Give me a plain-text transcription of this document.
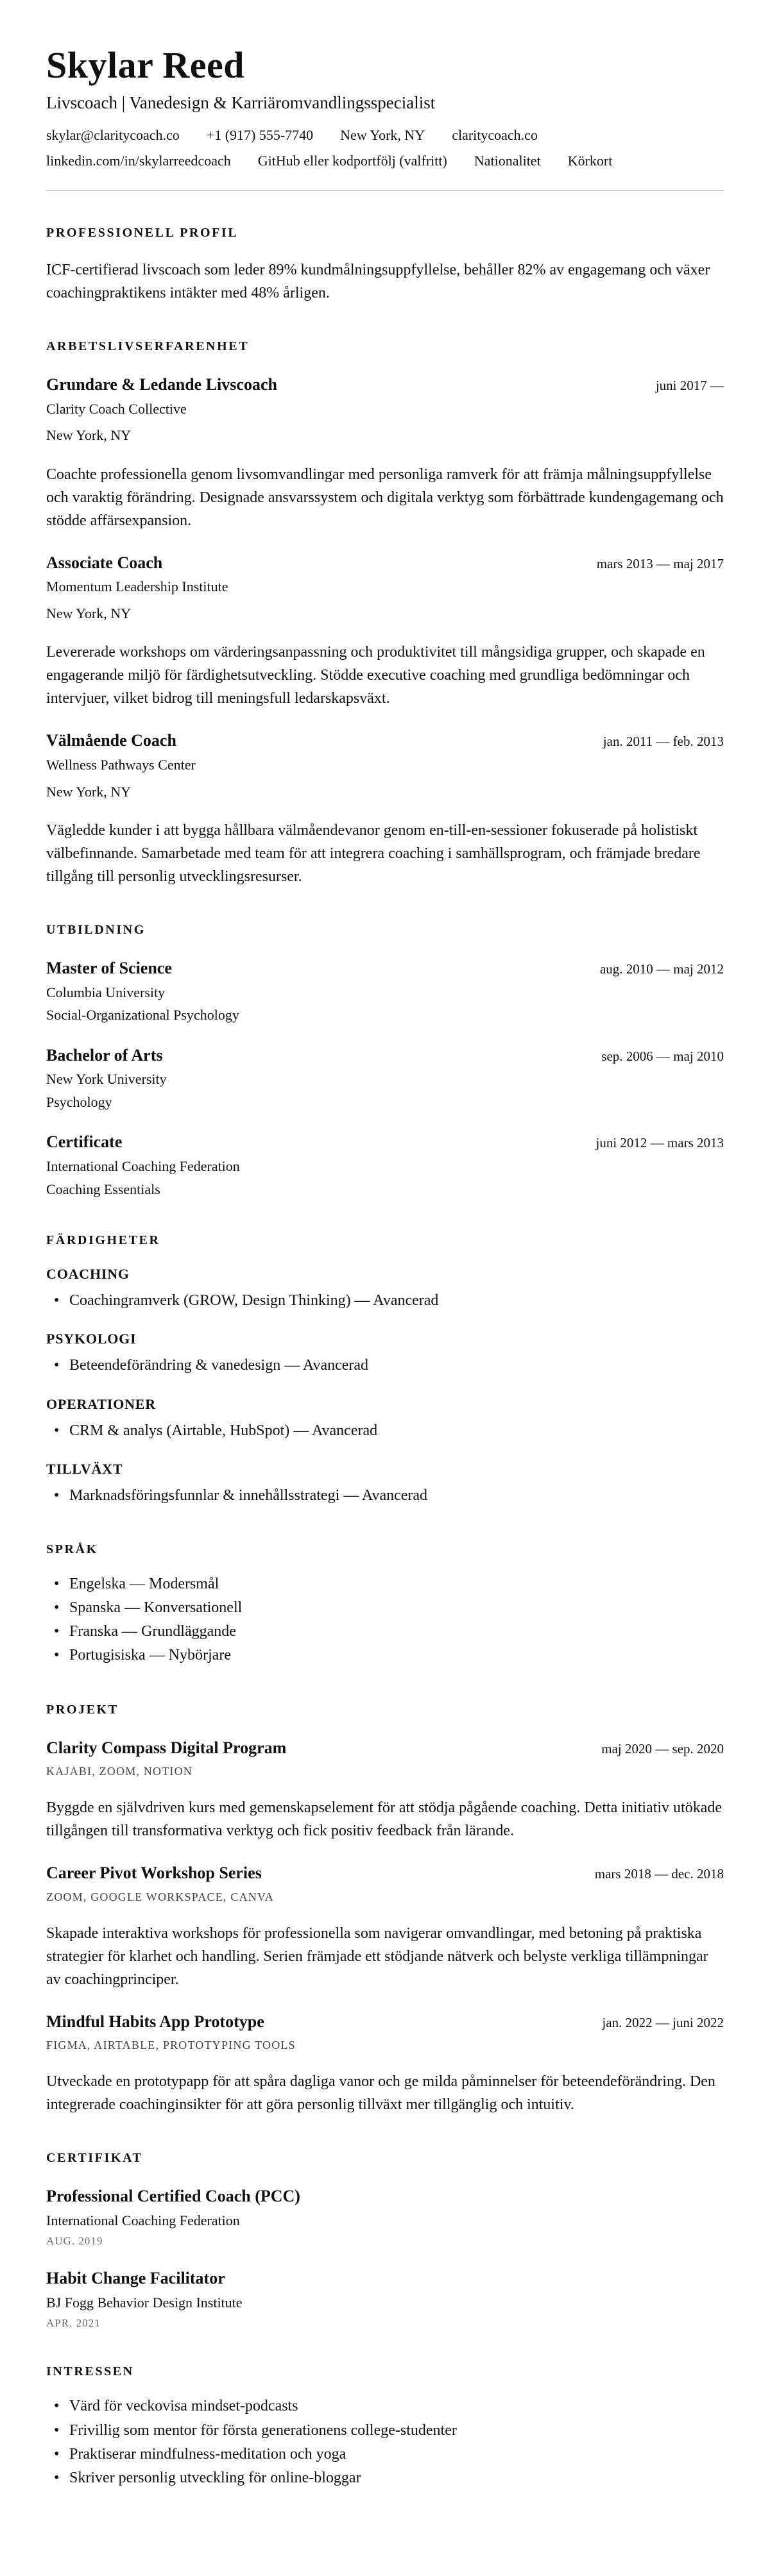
Skylar Reed
Livscoach | Vanedesign & Karriäromvandlingsspecialist
skylar@claritycoach.co +1 (917) 555-7740 New York, NY claritycoach.co
linkedin.com/in/skylarreedcoach GitHub eller kodportfölj (valfritt) Nationalitet Körkort
PROFESSIONELL PROFIL
ICF-certifierad livscoach som leder 89% kundmålningsuppfyllelse, behåller 82% av engagemang och växer coachingpraktikens intäkter med 48% årligen.
ARBETSLIVSERFARENHET
Grundare & Ledande Livscoach	juni 2017 —
Clarity Coach Collective
New York, NY
Coachte professionella genom livsomvandlingar med personliga ramverk för att främja målningsuppfyllelse och varaktig förändring. Designade ansvarssystem och digitala verktyg som förbättrade kundengagemang och stödde affärsexpansion.
Associate Coach	mars 2013 — maj 2017
Momentum Leadership Institute
New York, NY
Levererade workshops om värderingsanpassning och produktivitet till mångsidiga grupper, och skapade en engagerande miljö för färdighetsutveckling. Stödde executive coaching med grundliga bedömningar och intervjuer, vilket bidrog till meningsfull ledarskapsväxt.
Välmående Coach	jan. 2011 — feb. 2013
Wellness Pathways Center
New York, NY
Vägledde kunder i att bygga hållbara välmåendevanor genom en-till-en-sessioner fokuserade på holistiskt välbefinnande. Samarbetade med team för att integrera coaching i samhällsprogram, och främjade bredare tillgång till personlig utvecklingsresurser.
UTBILDNING
Master of Science	aug. 2010 — maj 2012
Columbia University
Social-Organizational Psychology
Bachelor of Arts	sep. 2006 — maj 2010
New York University
Psychology
Certificate	juni 2012 — mars 2013
International Coaching Federation
Coaching Essentials
FÄRDIGHETER
COACHING
• Coachingramverk (GROW, Design Thinking) — Avancerad
PSYKOLOGI
• Beteendeförändring & vanedesign — Avancerad
OPERATIONER
• CRM & analys (Airtable, HubSpot) — Avancerad
TILLVÄXT
• Marknadsföringsfunnlar & innehållsstrategi — Avancerad
SPRÅK
• Engelska — Modersmål
• Spanska — Konversationell
• Franska — Grundläggande
• Portugisiska — Nybörjare
PROJEKT
Clarity Compass Digital Program	maj 2020 — sep. 2020
KAJABI, ZOOM, NOTION
Byggde en självdriven kurs med gemenskapselement för att stödja pågående coaching. Detta initiativ utökade tillgången till transformativa verktyg och fick positiv feedback från lärande.
Career Pivot Workshop Series	mars 2018 — dec. 2018
ZOOM, GOOGLE WORKSPACE, CANVA
Skapade interaktiva workshops för professionella som navigerar omvandlingar, med betoning på praktiska strategier för klarhet och handling. Serien främjade ett stödjande nätverk och belyste verkliga tillämpningar av coachingprinciper.
Mindful Habits App Prototype	jan. 2022 — juni 2022
FIGMA, AIRTABLE, PROTOTYPING TOOLS
Utveckade en prototypapp för att spåra dagliga vanor och ge milda påminnelser för beteendeförändring. Den integrerade coachinginsikter för att göra personlig tillväxt mer tillgänglig och intuitiv.
CERTIFIKAT
Professional Certified Coach (PCC)
International Coaching Federation
AUG. 2019
Habit Change Facilitator
BJ Fogg Behavior Design Institute
APR. 2021
INTRESSEN
• Värd för veckovisa mindset-podcasts
• Frivillig som mentor för första generationens college-studenter
• Praktiserar mindfulness-meditation och yoga
• Skriver personlig utveckling för online-bloggar
